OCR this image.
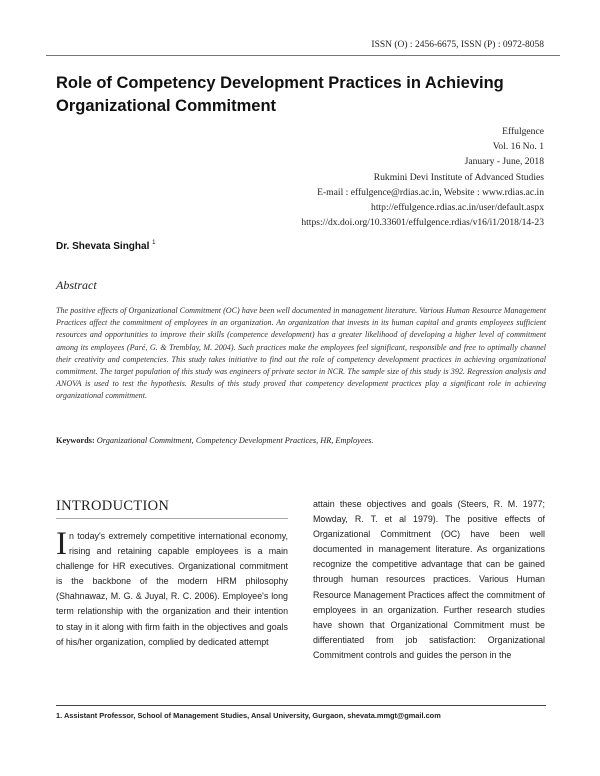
ISSN (O) : 2456-6675, ISSN (P) : 0972-8058
Role of Competency Development Practices in Achieving Organizational Commitment
Effulgence
Vol. 16 No. 1
January - June, 2018
Rukmini Devi Institute of Advanced Studies
E-mail : effulgence@rdias.ac.in, Website : www.rdias.ac.in
http://effulgence.rdias.ac.in/user/default.aspx
https://dx.doi.org/10.33601/effulgence.rdias/v16/i1/2018/14-23
Dr. Shevata Singhal $^1$
Abstract
The positive effects of Organizational Commitment (OC) have been well documented in management literature. Various Human Resource Management Practices affect the commitment of employees in an organization. An organization that invests in its human capital and grants employees sufficient resources and opportunities to improve their skills (competence development) has a greater likelihood of developing a higher level of commitment among its employees (Paré, G. & Tremblay, M. 2004). Such practices make the employees feel significant, responsible and free to optimally channel their creativity and competencies. This study takes initiative to find out the role of competency development practices in achieving organizational commitment. The target population of this study was engineers of private sector in NCR. The sample size of this study is 392. Regression analysis and ANOVA is used to test the hypothesis. Results of this study proved that competency development practices play a significant role in achieving organizational commitment.
Keywords: Organizational Commitment, Competency Development Practices, HR, Employees.
INTRODUCTION
In today's extremely competitive international economy, rising and retaining capable employees is a main challenge for HR executives. Organizational commitment is the backbone of the modern HRM philosophy (Shahnawaz, M. G. & Juyal, R. C. 2006). Employee's long term relationship with the organization and their intention to stay in it along with firm faith in the objectives and goals of his/her organization, complied by dedicated attempt
attain these objectives and goals (Steers, R. M. 1977; Mowday, R. T. et al 1979). The positive effects of Organizational Commitment (OC) have been well documented in management literature. As organizations recognize the competitive advantage that can be gained through human resources practices. Various Human Resource Management Practices affect the commitment of employees in an organization. Further research studies have shown that Organizational Commitment must be differentiated from job satisfaction: Organizational Commitment controls and guides the person in the
1. Assistant Professor, School of Management Studies, Ansal University, Gurgaon, shevata.mmgt@gmail.com
